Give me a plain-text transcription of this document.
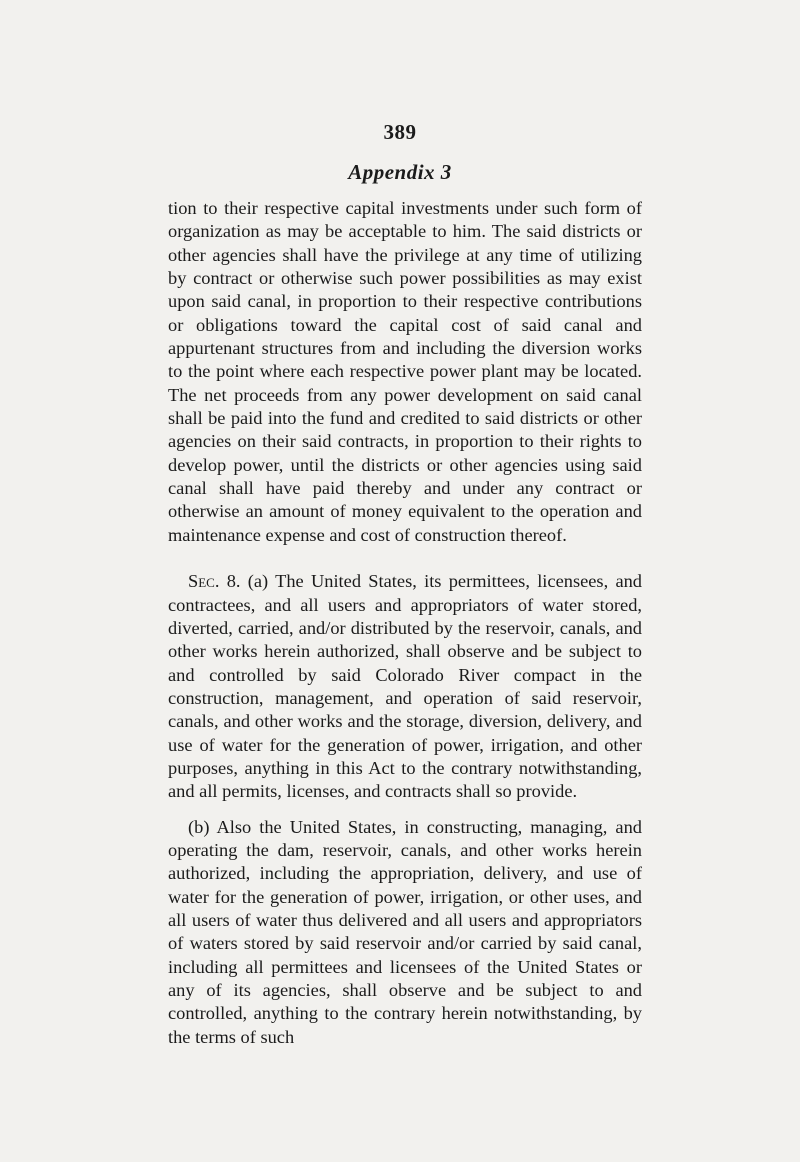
389
Appendix 3

tion to their respective capital investments under such form of organization as may be acceptable to him. The said districts or other agencies shall have the privilege at any time of utilizing by contract or otherwise such power possibilities as may exist upon said canal, in proportion to their respective contributions or obligations toward the capital cost of said canal and appurtenant structures from and including the diversion works to the point where each respective power plant may be located. The net proceeds from any power development on said canal shall be paid into the fund and credited to said districts or other agencies on their said contracts, in proportion to their rights to develop power, until the districts or other agencies using said canal shall have paid thereby and under any contract or otherwise an amount of money equivalent to the operation and maintenance expense and cost of construction thereof.

Sec. 8. (a) The United States, its permittees, licensees, and contractees, and all users and appropriators of water stored, diverted, carried, and/or distributed by the reservoir, canals, and other works herein authorized, shall observe and be subject to and controlled by said Colorado River compact in the construction, management, and operation of said reservoir, canals, and other works and the storage, diversion, delivery, and use of water for the generation of power, irrigation, and other purposes, anything in this Act to the contrary notwithstanding, and all permits, licenses, and contracts shall so provide.

(b) Also the United States, in constructing, managing, and operating the dam, reservoir, canals, and other works herein authorized, including the appropriation, delivery, and use of water for the generation of power, irrigation, or other uses, and all users of water thus delivered and all users and appropriators of waters stored by said reservoir and/or carried by said canal, including all permittees and licensees of the United States or any of its agencies, shall observe and be subject to and controlled, anything to the contrary herein notwithstanding, by the terms of such
